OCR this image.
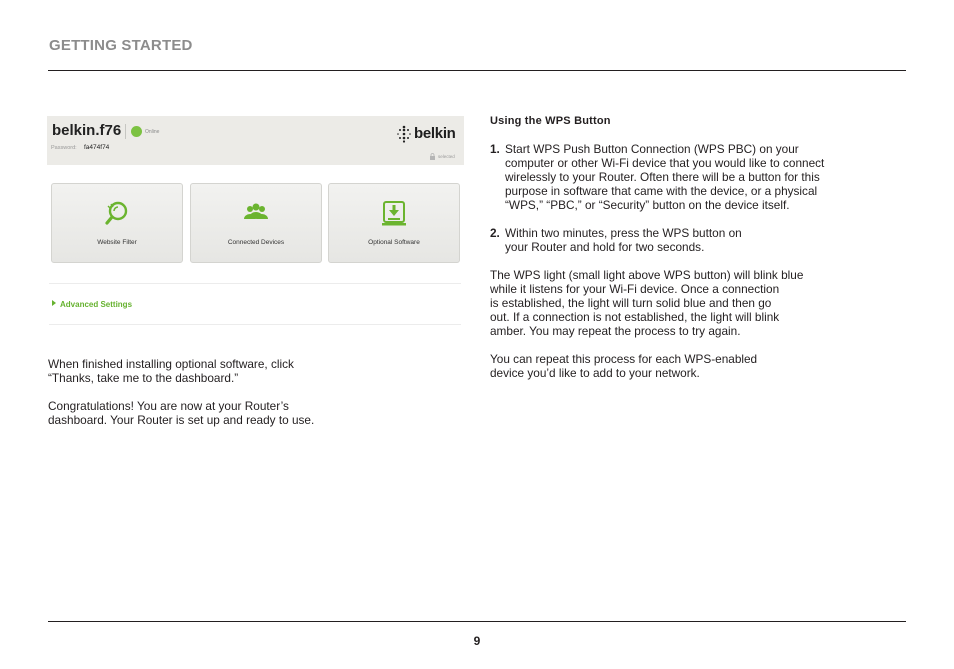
GETTING STARTED
belkin.f76	Online
Password: fa474f74
belkin
selected
Website Filter	Connected Devices	Optional Software
Advanced Settings

When finished installing optional software, click
“Thanks, take me to the dashboard.”

Congratulations! You are now at your Router’s
dashboard. Your Router is set up and ready to use.

Using the WPS Button
1. Start WPS Push Button Connection (WPS PBC) on your
computer or other Wi-Fi device that you would like to connect
wirelessly to your Router. Often there will be a button for this
purpose in software that came with the device, or a physical
“WPS,” “PBC,” or “Security” button on the device itself.
2. Within two minutes, press the WPS button on
your Router and hold for two seconds.

The WPS light (small light above WPS button) will blink blue
while it listens for your Wi-Fi device. Once a connection
is established, the light will turn solid blue and then go
out. If a connection is not established, the light will blink
amber. You may repeat the process to try again.

You can repeat this process for each WPS-enabled
device you’d like to add to your network.

9
